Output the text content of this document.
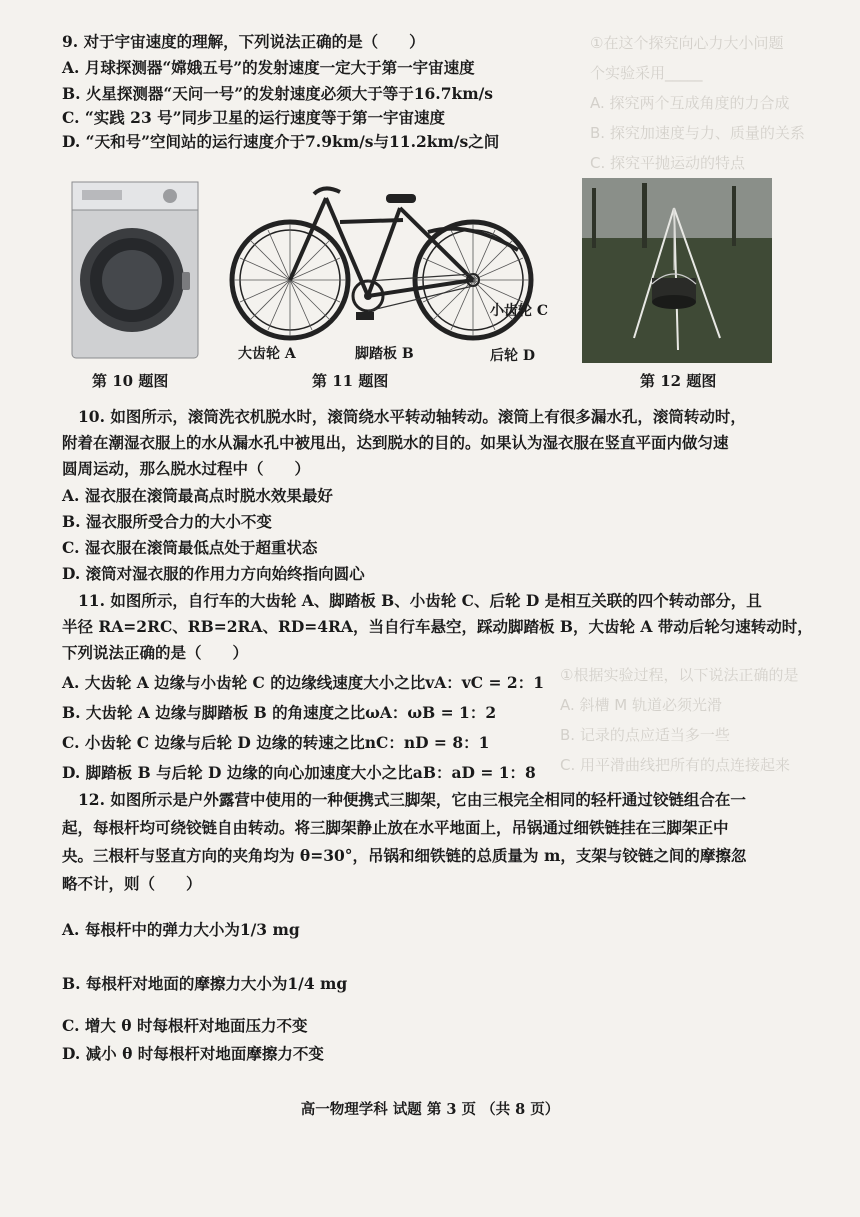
①在这个探究向心力大小问题
个实验采用_____
A. 探究两个互成角度的力合成
B. 探究加速度与力、质量的关系
C. 探究平抛运动的特点
①根据实验过程，以下说法正确的是
A. 斜槽 M 轨道必须光滑
B. 记录的点应适当多一些
C. 用平滑曲线把所有的点连接起来
9. 对于宇宙速度的理解，下列说法正确的是（　　）
A. 月球探测器“嫦娥五号”的发射速度一定大于第一宇宙速度
B. 火星探测器“天问一号”的发射速度必须大于等于16.7km/s
C. “实践 23 号”同步卫星的运行速度等于第一宇宙速度
D. “天和号”空间站的运行速度介于7.9km/s与11.2km/s之间
第 10 题图
大齿轮 A	脚踏板 B
小齿轮 C
后轮 D
第 11 题图	第 12 题图
10. 如图所示，滚筒洗衣机脱水时，滚筒绕水平转动轴转动。滚筒上有很多漏水孔，滚筒转动时，
附着在潮湿衣服上的水从漏水孔中被甩出，达到脱水的目的。如果认为湿衣服在竖直平面内做匀速
圆周运动，那么脱水过程中（　　）
A. 湿衣服在滚筒最高点时脱水效果最好
B. 湿衣服所受合力的大小不变
C. 湿衣服在滚筒最低点处于超重状态
D. 滚筒对湿衣服的作用力方向始终指向圆心
11. 如图所示，自行车的大齿轮 A、脚踏板 B、小齿轮 C、后轮 D 是相互关联的四个转动部分，且
半径 RA=2RC、RB=2RA、RD=4RA，当自行车悬空，踩动脚踏板 B，大齿轮 A 带动后轮匀速转动时，
下列说法正确的是（　　）
A. 大齿轮 A 边缘与小齿轮 C 的边缘线速度大小之比vA：vC = 2：1
B. 大齿轮 A 边缘与脚踏板 B 的角速度之比ωA：ωB = 1：2
C. 小齿轮 C 边缘与后轮 D 边缘的转速之比nC：nD = 8：1
D. 脚踏板 B 与后轮 D 边缘的向心加速度大小之比aB：aD = 1：8
12. 如图所示是户外露营中使用的一种便携式三脚架，它由三根完全相同的轻杆通过铰链组合在一
起，每根杆均可绕铰链自由转动。将三脚架静止放在水平地面上，吊锅通过细铁链挂在三脚架正中
央。三根杆与竖直方向的夹角均为 θ=30°，吊锅和细铁链的总质量为 m，支架与铰链之间的摩擦忽
略不计，则（　　）
A. 每根杆中的弹力大小为1/3 mg
B. 每根杆对地面的摩擦力大小为1/4 mg
C. 增大 θ 时每根杆对地面压力不变
D. 减小 θ 时每根杆对地面摩擦力不变
高一物理学科 试题 第 3 页 （共 8 页）
